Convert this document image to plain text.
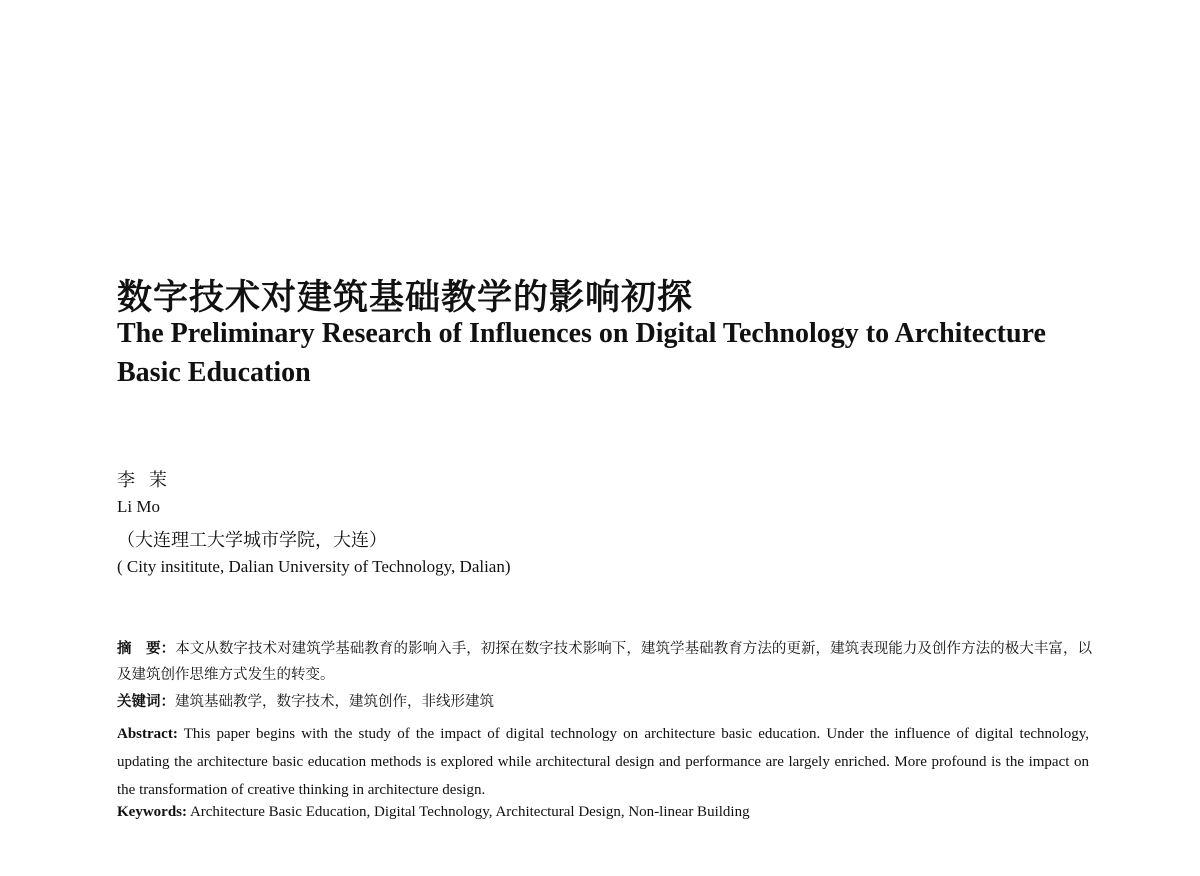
数字技术对建筑基础教学的影响初探
The Preliminary Research of Influences on Digital Technology to Architecture Basic Education
李茉
Li Mo
（大连理工大学城市学院，大连）
( City insititute, Dalian University of Technology, Dalian)
摘　要：本文从数字技术对建筑学基础教育的影响入手，初探在数字技术影响下，建筑学基础教育方法的更新，建筑表现能力及创作方法的极大丰富，以及建筑创作思维方式发生的转变。
关键词：建筑基础教学，数字技术，建筑创作，非线形建筑
Abstract: This paper begins with the study of the impact of digital technology on architecture basic education. Under the influence of digital technology, updating the architecture basic education methods is explored while architectural design and performance are largely enriched. More profound is the impact on the transformation of creative thinking in architecture design.
Keywords: Architecture Basic Education, Digital Technology, Architectural Design, Non-linear Building
